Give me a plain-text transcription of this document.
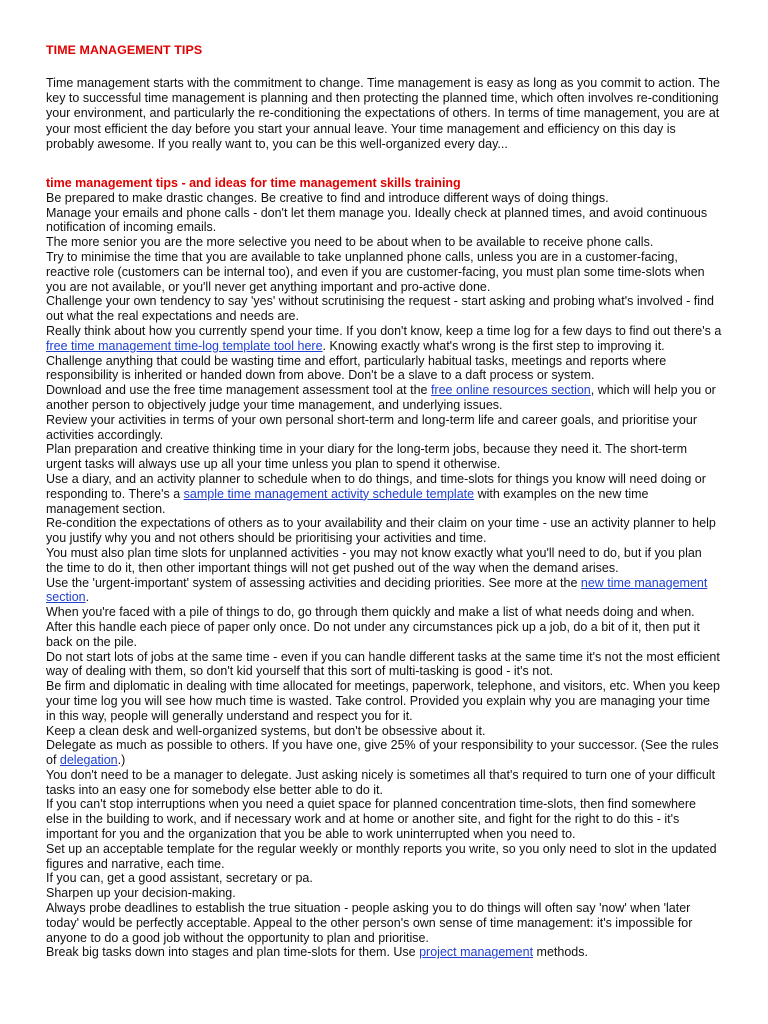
TIME MANAGEMENT TIPS
Time management starts with the commitment to change. Time management is easy as long as you commit to action. The key to successful time management is planning and then protecting the planned time, which often involves re-conditioning your environment, and particularly the re-conditioning the expectations of others. In terms of time management, you are at your most efficient the day before you start your annual leave. Your time management and efficiency on this day is probably awesome. If you really want to, you can be this well-organized every day...
time management tips - and ideas for time management skills training
Be prepared to make drastic changes. Be creative to find and introduce different ways of doing things.
Manage your emails and phone calls - don't let them manage you. Ideally check at planned times, and avoid continuous notification of incoming emails.
The more senior you are the more selective you need to be about when to be available to receive phone calls.
Try to minimise the time that you are available to take unplanned phone calls, unless you are in a customer-facing, reactive role (customers can be internal too), and even if you are customer-facing, you must plan some time-slots when you are not available, or you'll never get anything important and pro-active done.
Challenge your own tendency to say 'yes' without scrutinising the request - start asking and probing what's involved - find out what the real expectations and needs are.
Really think about how you currently spend your time. If you don't know, keep a time log for a few days to find out there's a free time management time-log template tool here. Knowing exactly what's wrong is the first step to improving it.
Challenge anything that could be wasting time and effort, particularly habitual tasks, meetings and reports where responsibility is inherited or handed down from above. Don't be a slave to a daft process or system.
Download and use the free time management assessment tool at the free online resources section, which will help you or another person to objectively judge your time management, and underlying issues.
Review your activities in terms of your own personal short-term and long-term life and career goals, and prioritise your activities accordingly.
Plan preparation and creative thinking time in your diary for the long-term jobs, because they need it. The short-term urgent tasks will always use up all your time unless you plan to spend it otherwise.
Use a diary, and an activity planner to schedule when to do things, and time-slots for things you know will need doing or responding to. There's a sample time management activity schedule template with examples on the new time management section.
Re-condition the expectations of others as to your availability and their claim on your time - use an activity planner to help you justify why you and not others should be prioritising your activities and time.
You must also plan time slots for unplanned activities - you may not know exactly what you'll need to do, but if you plan the time to do it, then other important things will not get pushed out of the way when the demand arises.
Use the 'urgent-important' system of assessing activities and deciding priorities. See more at the new time management section.
When you're faced with a pile of things to do, go through them quickly and make a list of what needs doing and when. After this handle each piece of paper only once. Do not under any circumstances pick up a job, do a bit of it, then put it back on the pile.
Do not start lots of jobs at the same time - even if you can handle different tasks at the same time it's not the most efficient way of dealing with them, so don't kid yourself that this sort of multi-tasking is good - it's not.
Be firm and diplomatic in dealing with time allocated for meetings, paperwork, telephone, and visitors, etc. When you keep your time log you will see how much time is wasted. Take control. Provided you explain why you are managing your time in this way, people will generally understand and respect you for it.
Keep a clean desk and well-organized systems, but don't be obsessive about it.
Delegate as much as possible to others. If you have one, give 25% of your responsibility to your successor. (See the rules of delegation.)
You don't need to be a manager to delegate. Just asking nicely is sometimes all that's required to turn one of your difficult tasks into an easy one for somebody else better able to do it.
If you can't stop interruptions when you need a quiet space for planned concentration time-slots, then find somewhere else in the building to work, and if necessary work and at home or another site, and fight for the right to do this - it's important for you and the organization that you be able to work uninterrupted when you need to.
Set up an acceptable template for the regular weekly or monthly reports you write, so you only need to slot in the updated figures and narrative, each time.
If you can, get a good assistant, secretary or pa.
Sharpen up your decision-making.
Always probe deadlines to establish the true situation - people asking you to do things will often say 'now' when 'later today' would be perfectly acceptable. Appeal to the other person's own sense of time management: it's impossible for anyone to do a good job without the opportunity to plan and prioritise.
Break big tasks down into stages and plan time-slots for them. Use project management methods.
